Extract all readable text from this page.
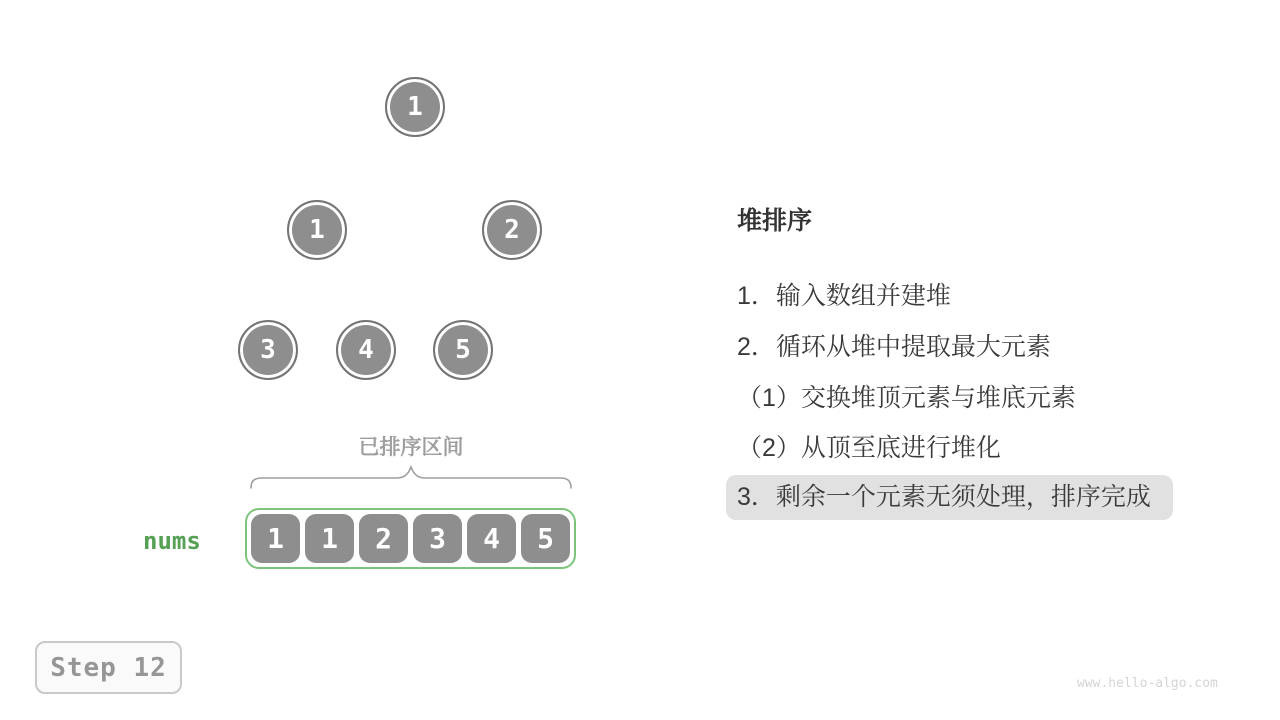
1
1	2
3	4	5
已排序区间
nums	1	1	2	3	4	5
堆排序
1．输入数组并建堆
2．循环从堆中提取最大元素
（1）交换堆顶元素与堆底元素
（2）从顶至底进行堆化
3．剩余一个元素无须处理，排序完成
Step 12
www.hello-algo.com
